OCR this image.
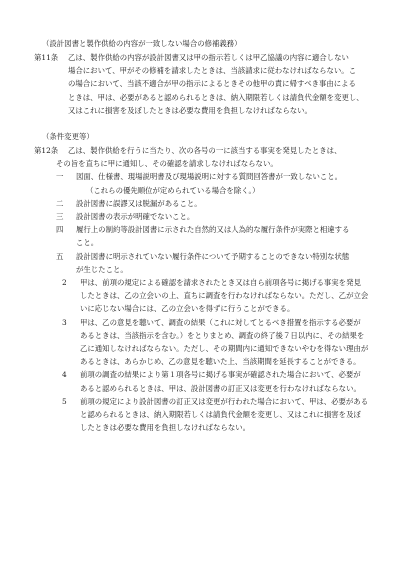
（設計図書と製作供給の内容が一致しない場合の修補義務）
第11条	乙は、製作供給の内容が設計図書又は甲の指示若しくは甲乙協議の内容に適合しない
場合において、甲がその修補を請求したときは、当該請求に従わなければならない。こ
の場合において、当該不適合が甲の指示によるときその他甲の責に帰すべき事由による
ときは、甲は、必要があると認められるときは、納入期限若しくは請負代金額を変更し、
又はこれに損害を及ぼしたときは必要な費用を負担しなければならない。
（条件変更等）
第12条	乙は、製作供給を行うに当たり、次の各号の一に該当する事実を発見したときは、
その旨を直ちに甲に通知し、その確認を請求しなければならない。
一	図面、仕様書、現場説明書及び現場説明に対する質問回答書が一致しないこと。
（これらの優先順位が定められている場合を除く。）
二	設計図書に誤謬又は脱漏があること。
三	設計図書の表示が明確でないこと。
四	履行上の制約等設計図書に示された自然的又は人為的な履行条件が実際と相違する
こと。
五	設計図書に明示されていない履行条件について予期することのできない特別な状態
が生じたこと。
2	甲は、前項の規定による確認を請求されたとき又は自ら前項各号に掲げる事実を発見
したときは、乙の立会いの上、直ちに調査を行わなければならない。ただし、乙が立会
いに応じない場合には、乙の立会いを得ずに行うことができる。
3	甲は、乙の意見を聴いて、調査の結果（これに対してとるべき措置を指示する必要が
あるときは、当該指示を含む。）をとりまとめ、調査の終了後７日以内に、その結果を
乙に通知しなければならない。ただし、その期間内に通知できないやむを得ない理由が
あるときは、あらかじめ、乙の意見を聴いた上、当該期間を延長することができる。
4	前項の調査の結果により第１項各号に掲げる事実が確認された場合において、必要が
あると認められるときは、甲は、設計図書の訂正又は変更を行わなければならない。
5	前項の規定により設計図書の訂正又は変更が行われた場合において、甲は、必要がある
と認められるときは、納入期限若しくは請負代金額を変更し、又はこれに損害を及ぼ
したときは必要な費用を負担しなければならない。
